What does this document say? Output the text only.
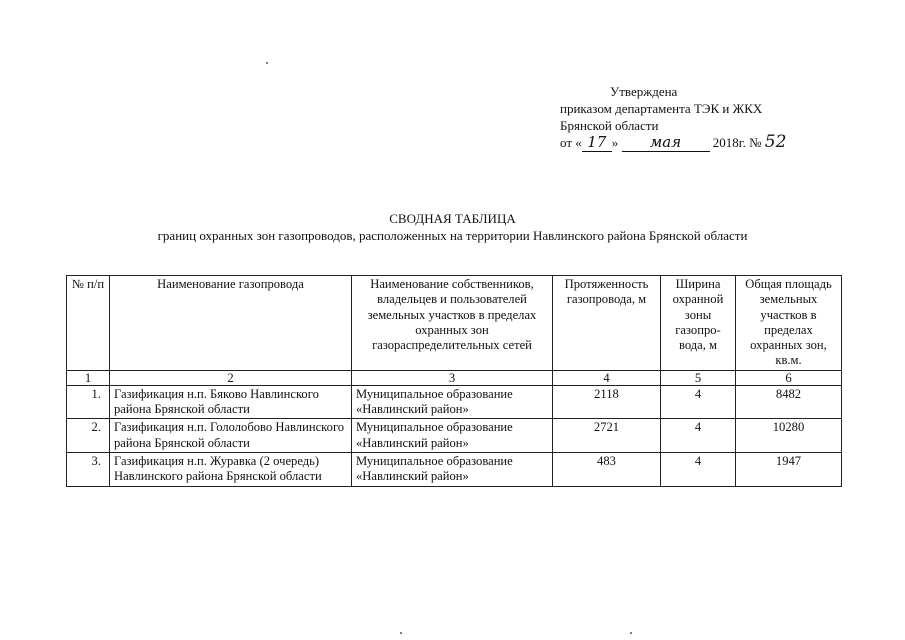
Утверждена
приказом департамента ТЭК и ЖКХ
Брянской области
от « 17 » мая 2018г. № 52
СВОДНАЯ ТАБЛИЦА
границ охранных зон газопроводов, расположенных на территории Навлинского района Брянской области
№ п/п	Наименование газопровода	Наименование собственников, владельцев и пользователей земельных участков в пределах охранных зон газораспределительных сетей	Протяженность газопровода, м	Ширина охранной зоны газопро-вода, м	Общая площадь земельных участков в пределах охранных зон, кв.м.
1	2	3	4	5	6
1.	Газификация н.п. Бяково Навлинского района Брянской области	Муниципальное образование «Навлинский район»	2118	4	8482
2.	Газификация н.п. Гололобово Навлинского района Брянской области	Муниципальное образование «Навлинский район»	2721	4	10280
3.	Газификация н.п. Журавка (2 очередь) Навлинского района Брянской области	Муниципальное образование «Навлинский район»	483	4	1947
